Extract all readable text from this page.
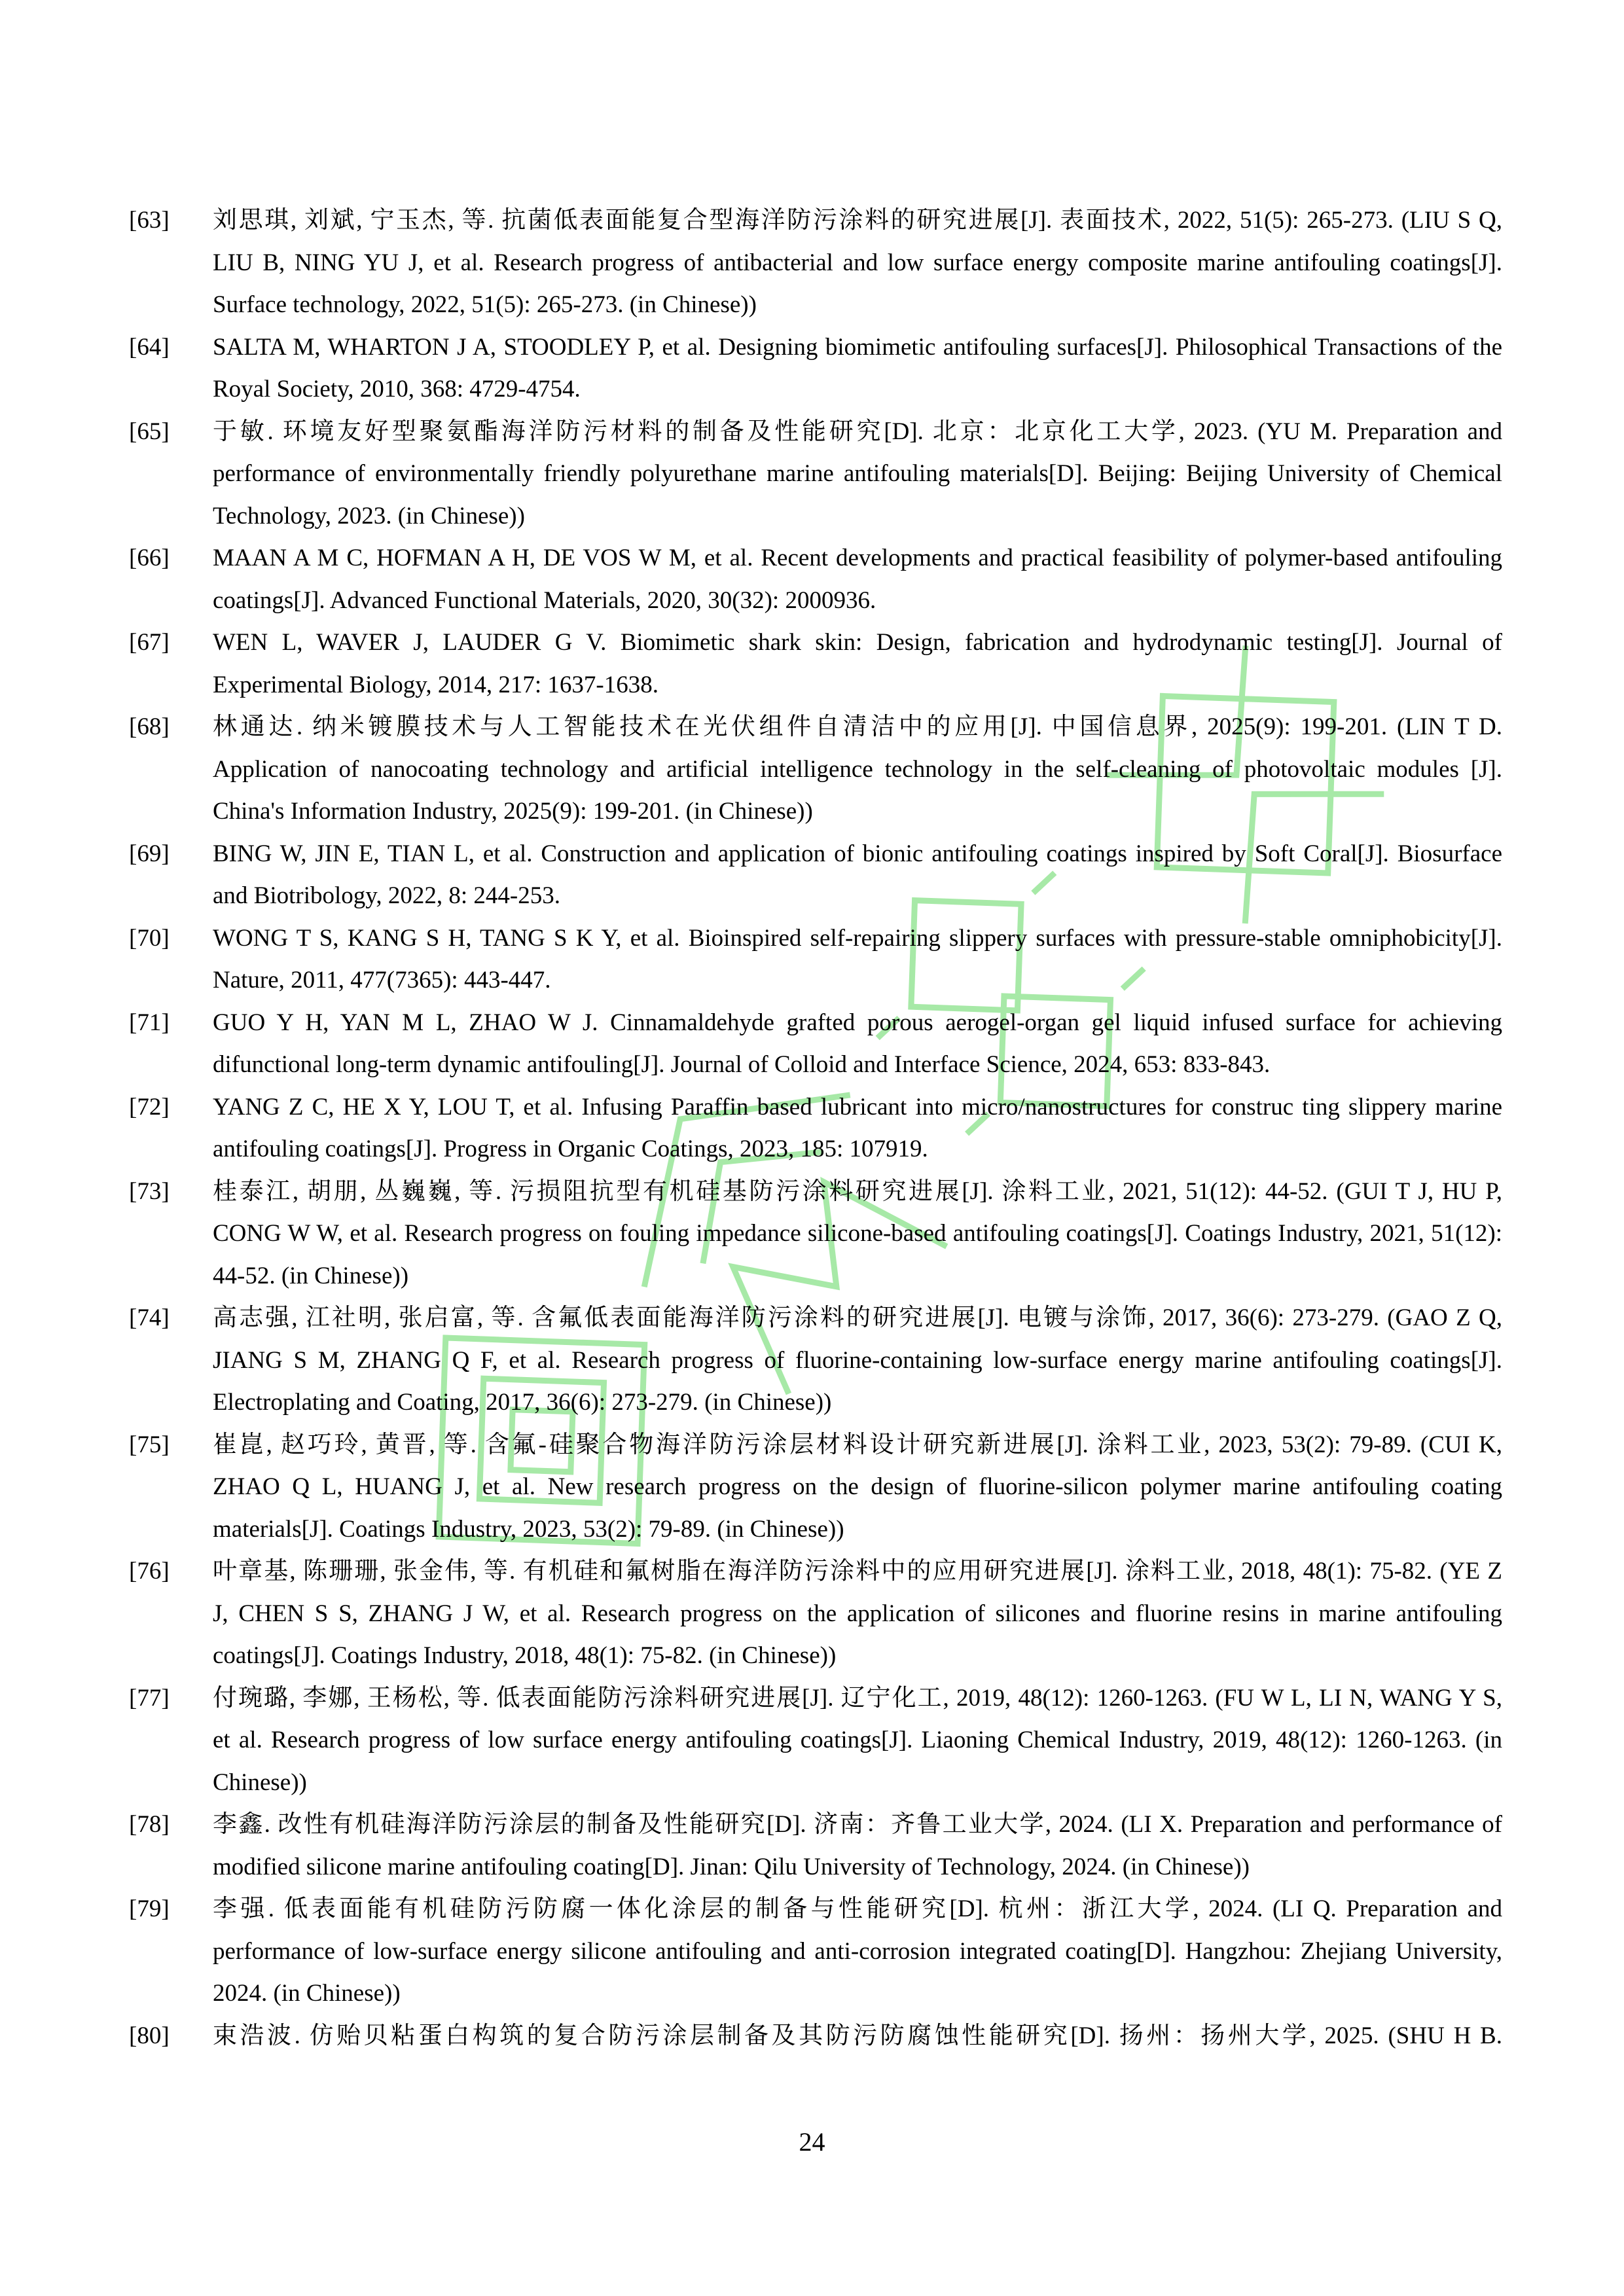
[63] 刘思琪, 刘斌, 宁玉杰, 等. 抗菌低表面能复合型海洋防污涂料的研究进展[J]. 表面技术, 2022, 51(5): 265-273. (LIU S Q,
LIU B, NING YU J, et al. Research progress of antibacterial and low surface energy composite marine antifouling coatings[J].
Surface technology, 2022, 51(5): 265-273. (in Chinese))
[64] SALTA M, WHARTON J A, STOODLEY P, et al. Designing biomimetic antifouling surfaces[J]. Philosophical Transactions of the
Royal Society, 2010, 368: 4729-4754.
[65] 于敏. 环境友好型聚氨酯海洋防污材料的制备及性能研究[D]. 北京：北京化工大学, 2023. (YU M. Preparation and
performance of environmentally friendly polyurethane marine antifouling materials[D]. Beijing: Beijing University of Chemical
Technology, 2023. (in Chinese))
[66] MAAN A M C, HOFMAN A H, DE VOS W M, et al. Recent developments and practical feasibility of polymer-based antifouling
coatings[J]. Advanced Functional Materials, 2020, 30(32): 2000936.
[67] WEN L, WAVER J, LAUDER G V. Biomimetic shark skin: Design, fabrication and hydrodynamic testing[J]. Journal of
Experimental Biology, 2014, 217: 1637-1638.
[68] 林通达. 纳米镀膜技术与人工智能技术在光伏组件自清洁中的应用[J]. 中国信息界, 2025(9): 199-201. (LIN T D.
Application of nanocoating technology and artificial intelligence technology in the self-cleaning of photovoltaic modules [J].
China's Information Industry, 2025(9): 199-201. (in Chinese))
[69] BING W, JIN E, TIAN L, et al. Construction and application of bionic antifouling coatings inspired by Soft Coral[J]. Biosurface
and Biotribology, 2022, 8: 244-253.
[70] WONG T S, KANG S H, TANG S K Y, et al. Bioinspired self-repairing slippery surfaces with pressure-stable omniphobicity[J].
Nature, 2011, 477(7365): 443-447.
[71] GUO Y H, YAN M L, ZHAO W J. Cinnamaldehyde grafted porous aerogel-organ gel liquid infused surface for achieving
difunctional long-term dynamic antifouling[J]. Journal of Colloid and Interface Science, 2024, 653: 833-843.
[72] YANG Z C, HE X Y, LOU T, et al. Infusing Paraffin based lubricant into micro/nanostructures for construc ting slippery marine
antifouling coatings[J]. Progress in Organic Coatings, 2023, 185: 107919.
[73] 桂泰江, 胡朋, 丛巍巍, 等. 污损阻抗型有机硅基防污涂料研究进展[J]. 涂料工业, 2021, 51(12): 44-52. (GUI T J, HU P,
CONG W W, et al. Research progress on fouling impedance silicone-based antifouling coatings[J]. Coatings Industry, 2021, 51(12):
44-52. (in Chinese))
[74] 高志强, 江社明, 张启富, 等. 含氟低表面能海洋防污涂料的研究进展[J]. 电镀与涂饰, 2017, 36(6): 273-279. (GAO Z Q,
JIANG S M, ZHANG Q F, et al. Research progress of fluorine-containing low-surface energy marine antifouling coatings[J].
Electroplating and Coating, 2017, 36(6): 273-279. (in Chinese))
[75] 崔崑, 赵巧玲, 黄晋, 等. 含氟-硅聚合物海洋防污涂层材料设计研究新进展[J]. 涂料工业, 2023, 53(2): 79-89. (CUI K,
ZHAO Q L, HUANG J, et al. New research progress on the design of fluorine-silicon polymer marine antifouling coating
materials[J]. Coatings Industry, 2023, 53(2): 79-89. (in Chinese))
[76] 叶章基, 陈珊珊, 张金伟, 等. 有机硅和氟树脂在海洋防污涂料中的应用研究进展[J]. 涂料工业, 2018, 48(1): 75-82. (YE Z
J, CHEN S S, ZHANG J W, et al. Research progress on the application of silicones and fluorine resins in marine antifouling
coatings[J]. Coatings Industry, 2018, 48(1): 75-82. (in Chinese))
[77] 付琬璐, 李娜, 王杨松, 等. 低表面能防污涂料研究进展[J]. 辽宁化工, 2019, 48(12): 1260-1263. (FU W L, LI N, WANG Y S,
et al. Research progress of low surface energy antifouling coatings[J]. Liaoning Chemical Industry, 2019, 48(12): 1260-1263. (in
Chinese))
[78] 李鑫. 改性有机硅海洋防污涂层的制备及性能研究[D]. 济南：齐鲁工业大学, 2024. (LI X. Preparation and performance of
modified silicone marine antifouling coating[D]. Jinan: Qilu University of Technology, 2024. (in Chinese))
[79] 李强. 低表面能有机硅防污防腐一体化涂层的制备与性能研究[D]. 杭州：浙江大学, 2024. (LI Q. Preparation and
performance of low-surface energy silicone antifouling and anti-corrosion integrated coating[D]. Hangzhou: Zhejiang University,
2024. (in Chinese))
[80] 束浩波. 仿贻贝粘蛋白构筑的复合防污涂层制备及其防污防腐蚀性能研究[D]. 扬州：扬州大学, 2025. (SHU H B.
24
